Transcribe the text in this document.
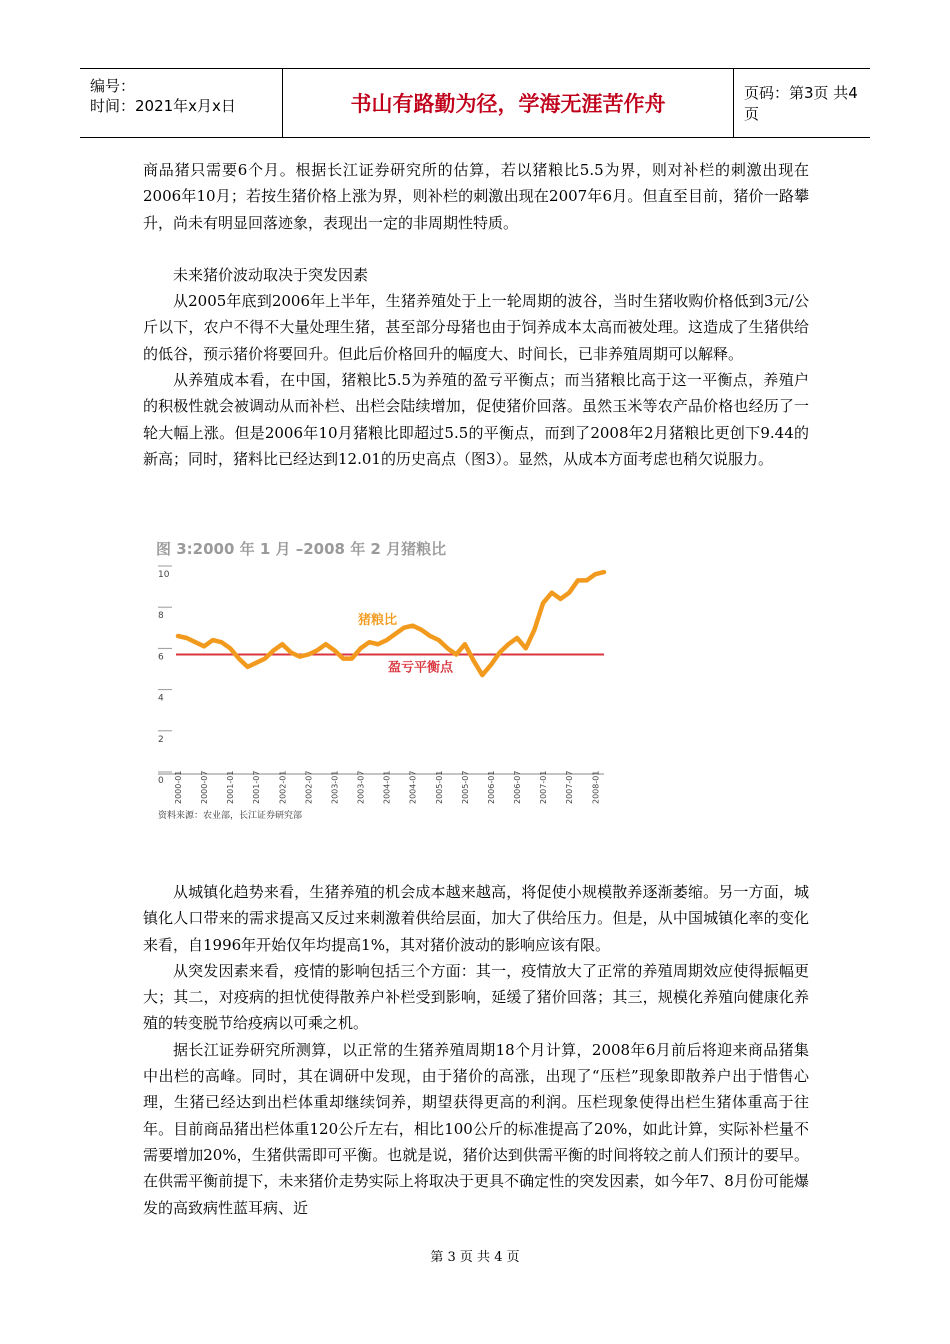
编号：
时间：2021年x月x日	书山有路勤为径，学海无涯苦作舟	页码：第3页 共4页

商品猪只需要6个月。根据长江证券研究所的估算，若以猪粮比5.5为界，则对补栏的刺激出现在2006年10月；若按生猪价格上涨为界，则补栏的刺激出现在2007年6月。但直至目前，猪价一路攀升，尚未有明显回落迹象，表现出一定的非周期性特质。

未来猪价波动取决于突发因素

从2005年底到2006年上半年，生猪养殖处于上一轮周期的波谷，当时生猪收购价格低到3元/公斤以下，农户不得不大量处理生猪，甚至部分母猪也由于饲养成本太高而被处理。这造成了生猪供给的低谷，预示猪价将要回升。但此后价格回升的幅度大、时间长，已非养殖周期可以解释。

从养殖成本看，在中国，猪粮比5.5为养殖的盈亏平衡点；而当猪粮比高于这一平衡点，养殖户的积极性就会被调动从而补栏、出栏会陆续增加，促使猪价回落。虽然玉米等农产品价格也经历了一轮大幅上涨。但是2006年10月猪粮比即超过5.5的平衡点，而到了2008年2月猪粮比更创下9.44的新高；同时，猪料比已经达到12.01的历史高点（图3）。显然，从成本方面考虑也稍欠说服力。

图 3:2000 年 1 月 –2008 年 2 月猪粮比
0
2
4
6
8
10
2000-01 2000-07 2001-01 2001-07 2002-01 2002-07 2003-01 2003-07 2004-01 2004-07 2005-01 2005-07 2006-01 2006-07 2007-01 2007-07 2008-01
猪粮比
盈亏平衡点
资料来源：农业部，长江证券研究部

从城镇化趋势来看，生猪养殖的机会成本越来越高，将促使小规模散养逐渐萎缩。另一方面，城镇化人口带来的需求提高又反过来刺激着供给层面，加大了供给压力。但是，从中国城镇化率的变化来看，自1996年开始仅年均提高1%，其对猪价波动的影响应该有限。

从突发因素来看，疫情的影响包括三个方面：其一，疫情放大了正常的养殖周期效应使得振幅更大；其二，对疫病的担忧使得散养户补栏受到影响，延缓了猪价回落；其三，规模化养殖向健康化养殖的转变脱节给疫病以可乘之机。

据长江证券研究所测算，以正常的生猪养殖周期18个月计算，2008年6月前后将迎来商品猪集中出栏的高峰。同时，其在调研中发现，由于猪价的高涨，出现了“压栏”现象即散养户出于惜售心理，生猪已经达到出栏体重却继续饲养，期望获得更高的利润。压栏现象使得出栏生猪体重高于往年。目前商品猪出栏体重120公斤左右，相比100公斤的标准提高了20%，如此计算，实际补栏量不需要增加20%，生猪供需即可平衡。也就是说，猪价达到供需平衡的时间将较之前人们预计的要早。在供需平衡前提下，未来猪价走势实际上将取决于更具不确定性的突发因素，如今年7、8月份可能爆发的高致病性蓝耳病、近

第 3 页 共 4 页
